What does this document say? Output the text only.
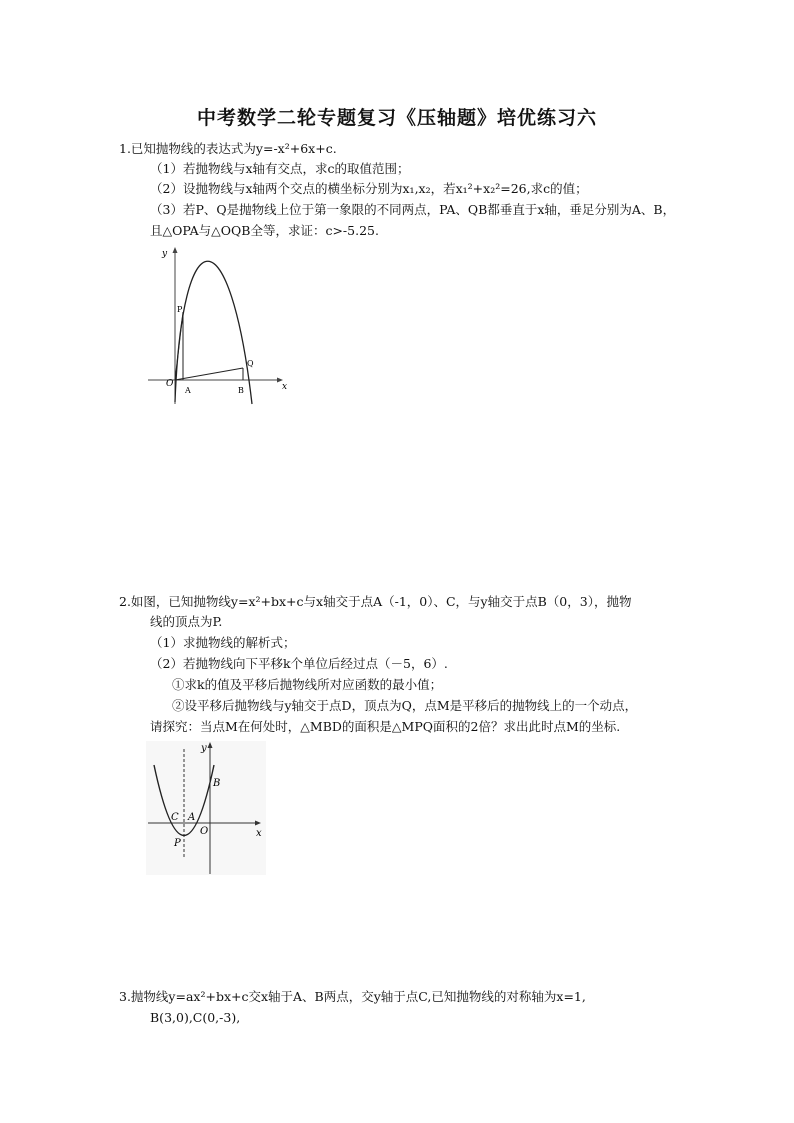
中考数学二轮专题复习《压轴题》培优练习六
1.已知抛物线的表达式为y=-x²+6x+c.
（1）若抛物线与x轴有交点，求c的取值范围；
（2）设抛物线与x轴两个交点的横坐标分别为x₁,x₂，若x₁²+x₂²=26,求c的值；
（3）若P、Q是抛物线上位于第一象限的不同两点，PA、QB都垂直于x轴，垂足分别为A、B，
且△OPA与△OQB全等，求证：c>-5.25.
y
x
O
P
Q
A	B
2.如图，已知抛物线y=x²+bx+c与x轴交于点A（-1，0）、C，与y轴交于点B（0，3），抛物
线的顶点为P.
（1）求抛物线的解析式；
（2）若抛物线向下平移k个单位后经过点（－5，6）.
①求k的值及平移后抛物线所对应函数的最小值；
②设平移后抛物线与y轴交于点D，顶点为Q，点M是平移后的抛物线上的一个动点，
请探究：当点M在何处时，△MBD的面积是△MPQ面积的2倍？求出此时点M的坐标.
y
x
O
A
B
C
P
3.抛物线y=ax²+bx+c交x轴于A、B两点，交y轴于点C,已知抛物线的对称轴为x=1,
B(3,0),C(0,-3),
